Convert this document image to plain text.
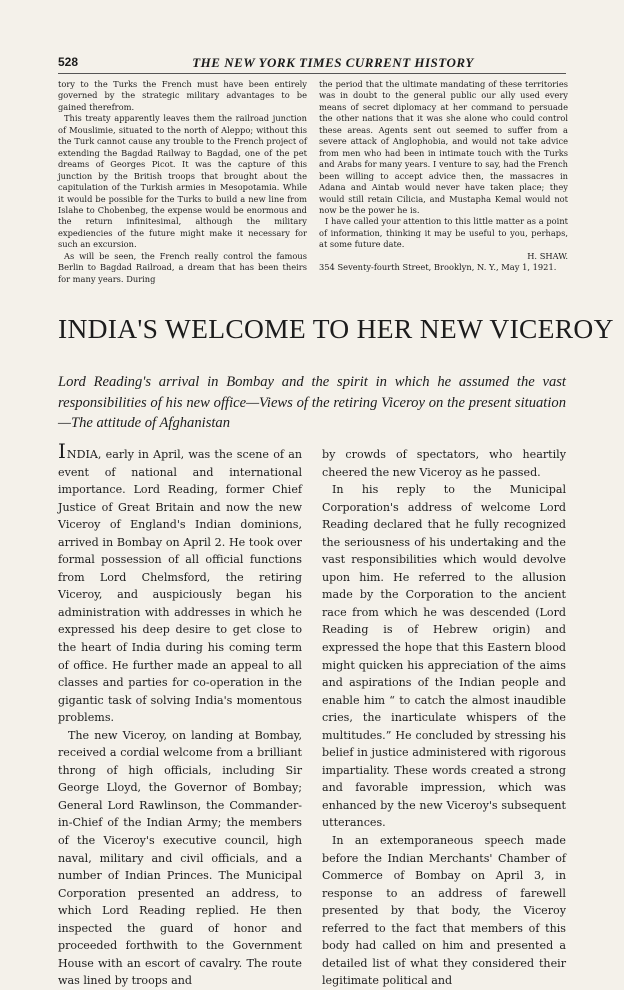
528	THE NEW YORK TIMES CURRENT HISTORY

tory to the Turks the French must have been entirely governed by the strategic military advantages to be gained therefrom.

This treaty apparently leaves them the railroad junction of Mouslimie, situated to the north of Aleppo; without this the Turk cannot cause any trouble to the French project of extending the Bagdad Railway to Bagdad, one of the pet dreams of Georges Picot. It was the capture of this junction by the British troops that brought about the capitulation of the Turkish armies in Mesopotamia. While it would be possible for the Turks to build a new line from Islahe to Chobenbeg, the expense would be enormous and the return infinitesimal, although the military expediencies of the future might make it necessary for such an excursion.

As will be seen, the French really control the famous Berlin to Bagdad Railroad, a dream that has been theirs for many years. During

the period that the ultimate mandating of these territories was in doubt to the general public our ally used every means of secret diplomacy at her command to persuade the other nations that it was she alone who could control these areas. Agents sent out seemed to suffer from a severe attack of Anglophobia, and would not take advice from men who had been in intimate touch with the Turks and Arabs for many years. I venture to say, had the French been willing to accept advice then, the massacres in Adana and Aintab would never have taken place; they would still retain Cilicia, and Mustapha Kemal would not now be the power he is.

I have called your attention to this little matter as a point of information, thinking it may be useful to you, perhaps, at some future date.

H. SHAW.

354 Seventy-fourth Street, Brooklyn, N. Y., May 1, 1921.

INDIA'S WELCOME TO HER NEW VICEROY
Lord Reading's arrival in Bombay and the spirit in which he assumed the vast responsibilities of his new office—Views of the retiring Viceroy on the present situation—The attitude of Afghanistan

INDIA, early in April, was the scene of an event of national and international importance. Lord Reading, former Chief Justice of Great Britain and now the new Viceroy of England's Indian dominions, arrived in Bombay on April 2. He took over formal possession of all official functions from Lord Chelmsford, the retiring Viceroy, and auspiciously began his administration with addresses in which he expressed his deep desire to get close to the heart of India during his coming term of office. He further made an appeal to all classes and parties for co-operation in the gigantic task of solving India's momentous problems.

The new Viceroy, on landing at Bombay, received a cordial welcome from a brilliant throng of high officials, including Sir George Lloyd, the Governor of Bombay; General Lord Rawlinson, the Commander-in-Chief of the Indian Army; the members of the Viceroy's executive council, high naval, military and civil officials, and a number of Indian Princes. The Municipal Corporation presented an address, to which Lord Reading replied. He then inspected the guard of honor and proceeded forthwith to the Government House with an escort of cavalry. The route was lined by troops and

by crowds of spectators, who heartily cheered the new Viceroy as he passed.

In his reply to the Municipal Corporation's address of welcome Lord Reading declared that he fully recognized the seriousness of his undertaking and the vast responsibilities which would devolve upon him. He referred to the allusion made by the Corporation to the ancient race from which he was descended (Lord Reading is of Hebrew origin) and expressed the hope that this Eastern blood might quicken his appreciation of the aims and aspirations of the Indian people and enable him “ to catch the almost inaudible cries, the inarticulate whispers of the multitudes.” He concluded by stressing his belief in justice administered with rigorous impartiality. These words created a strong and favorable impression, which was enhanced by the new Viceroy's subsequent utterances.

In an extemporaneous speech made before the Indian Merchants' Chamber of Commerce of Bombay on April 3, in response to an address of farewell presented by that body, the Viceroy referred to the fact that members of this body had called on him and presented a detailed list of what they considered their legitimate political and
